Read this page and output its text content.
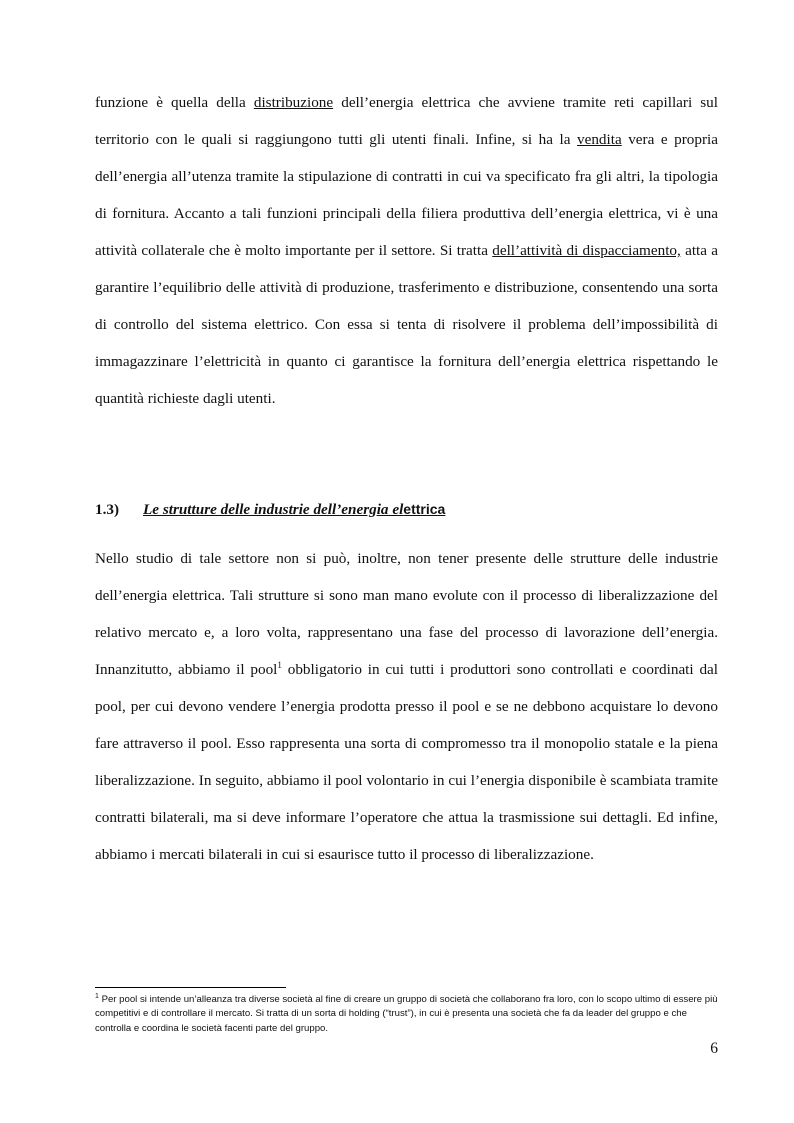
funzione è quella della distribuzione dell’energia elettrica che avviene tramite reti capillari sul territorio con le quali si raggiungono tutti gli utenti finali. Infine, si ha la vendita vera e propria dell’energia all’utenza tramite la stipulazione di contratti in cui va specificato fra gli altri, la tipologia di fornitura. Accanto a tali funzioni principali della filiera produttiva dell’energia elettrica, vi è una attività collaterale che è molto importante per il settore. Si tratta dell’attività di dispacciamento, atta a garantire l’equilibrio delle attività di produzione, trasferimento e distribuzione, consentendo una sorta di controllo del sistema elettrico. Con essa si tenta di risolvere il problema dell’impossibilità di immagazzinare l’elettricità in quanto ci garantisce la fornitura dell’energia elettrica rispettando le quantità richieste dagli utenti.

1.3) Le strutture delle industrie dell’energia elettrica

Nello studio di tale settore non si può, inoltre, non tener presente delle strutture delle industrie dell’energia elettrica. Tali strutture si sono man mano evolute con il processo di liberalizzazione del relativo mercato e, a loro volta, rappresentano una fase del processo di lavorazione dell’energia. Innanzitutto, abbiamo il pool$^1$ obbligatorio in cui tutti i produttori sono controllati e coordinati dal pool, per cui devono vendere l’energia prodotta presso il pool e se ne debbono acquistare lo devono fare attraverso il pool. Esso rappresenta una sorta di compromesso tra il monopolio statale e la piena liberalizzazione. In seguito, abbiamo il pool volontario in cui l’energia disponibile è scambiata tramite contratti bilaterali, ma si deve informare l’operatore che attua la trasmissione sui dettagli. Ed infine, abbiamo i mercati bilaterali in cui si esaurisce tutto il processo di liberalizzazione.

$^1$ Per pool si intende un’alleanza tra diverse società al fine di creare un gruppo di società che collaborano fra loro, con lo scopo ultimo di essere più competitivi e di controllare il mercato. Si tratta di un sorta di holding (“trust”), in cui è presenta una società che fa da leader del gruppo e che controlla e coordina le società facenti parte del gruppo.

6
